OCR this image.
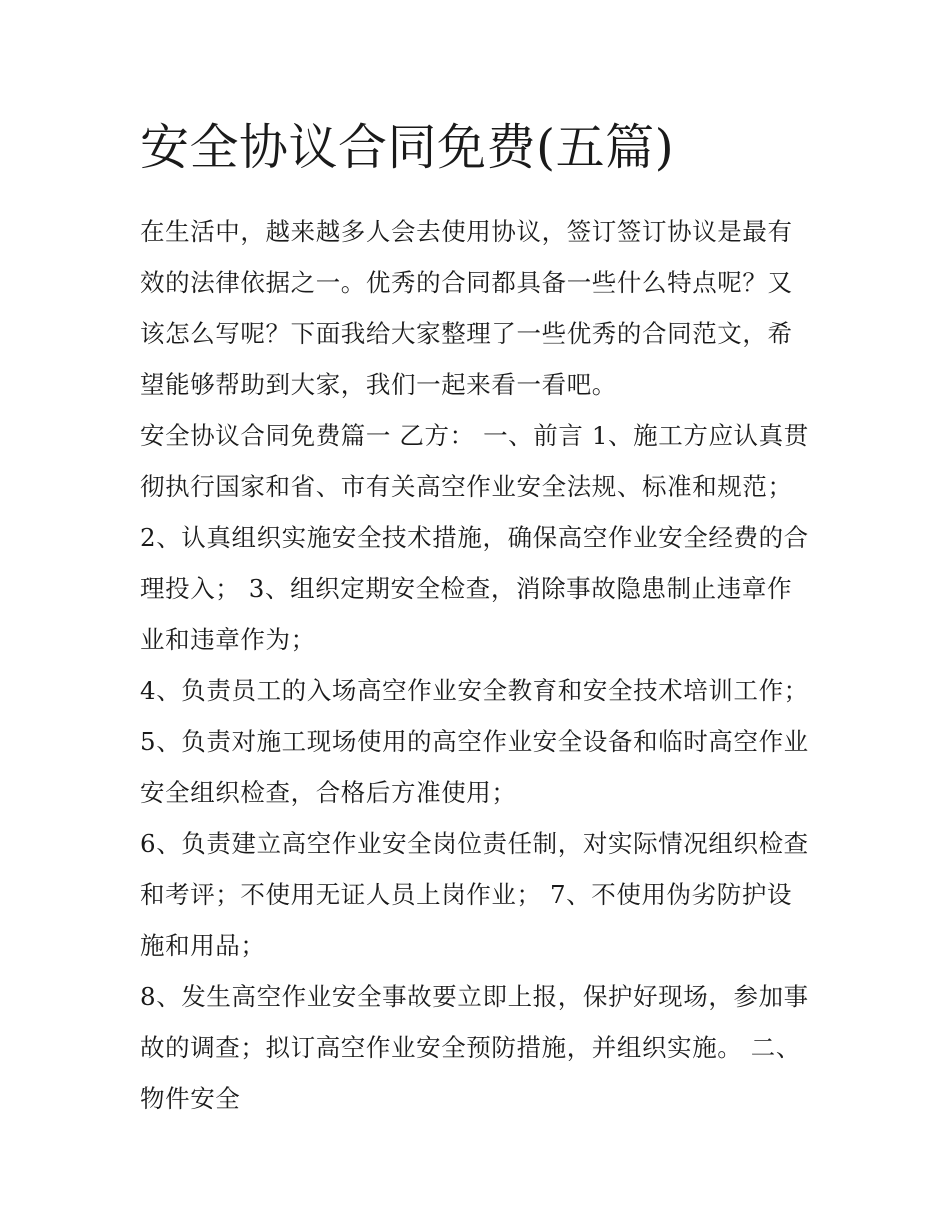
安全协议合同免费(五篇)

在生活中，越来越多人会去使用协议，签订签订协议是最有效的法律依据之一。优秀的合同都具备一些什么特点呢？又该怎么写呢？下面我给大家整理了一些优秀的合同范文，希望能够帮助到大家，我们一起来看一看吧。

安全协议合同免费篇一 乙方： 一、前言 1、施工方应认真贯彻执行国家和省、市有关高空作业安全法规、标准和规范；

2、认真组织实施安全技术措施，确保高空作业安全经费的合理投入； 3、组织定期安全检查，消除事故隐患制止违章作业和违章作为；

4、负责员工的入场高空作业安全教育和安全技术培训工作；

5、负责对施工现场使用的高空作业安全设备和临时高空作业安全组织检查，合格后方准使用；

6、负责建立高空作业安全岗位责任制，对实际情况组织检查和考评；不使用无证人员上岗作业； 7、不使用伪劣防护设施和用品；

8、发生高空作业安全事故要立即上报，保护好现场，参加事故的调查；拟订高空作业安全预防措施，并组织实施。 二、物件安全
